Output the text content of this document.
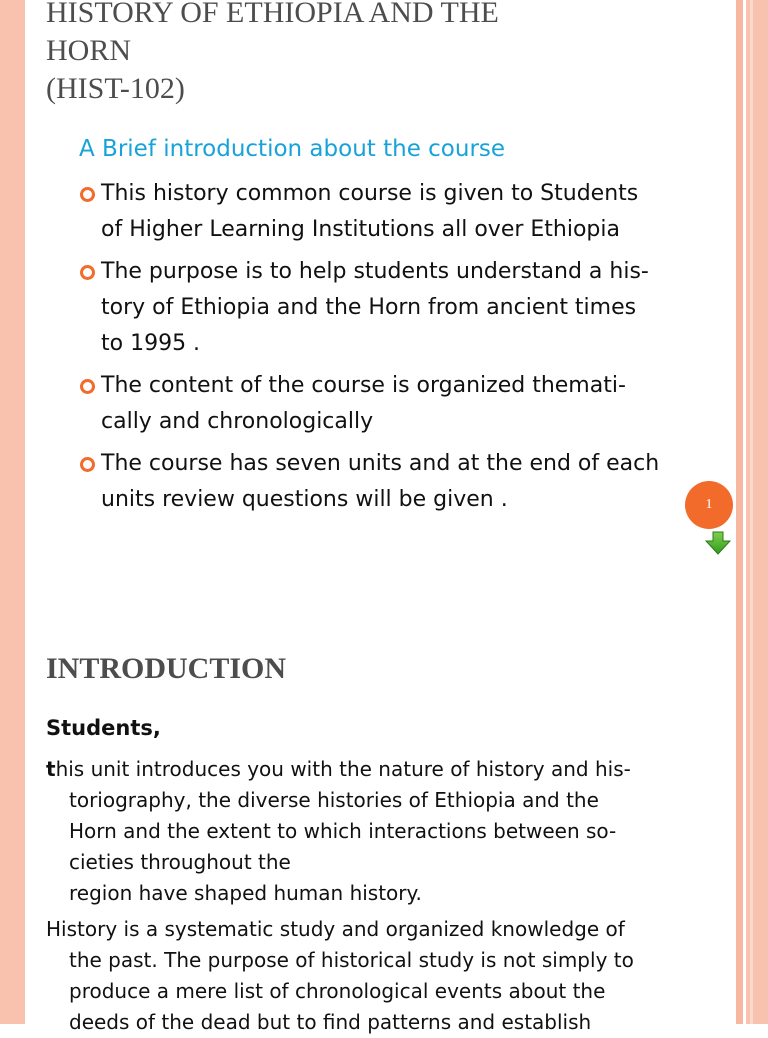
HISTORY OF ETHIOPIA AND THE
HORN
(HIST-102)

A Brief introduction about the course

This history common course is given to Students
of Higher Learning Institutions all over Ethiopia
The purpose is to help students understand a his-
tory of Ethiopia and the Horn from ancient times
to 1995 .
The content of the course is organized themati-
cally and chronologically
The course has seven units and at the end of each
units review questions will be given .	1
INTRODUCTION

Students,

this unit introduces you with the nature of history and his-
toriography, the diverse histories of Ethiopia and the
Horn and the extent to which interactions between so-
cieties throughout the
region have shaped human history.

History is a systematic study and organized knowledge of
the past. The purpose of historical study is not simply to
produce a mere list of chronological events about the
deeds of the dead but to find patterns and establish
